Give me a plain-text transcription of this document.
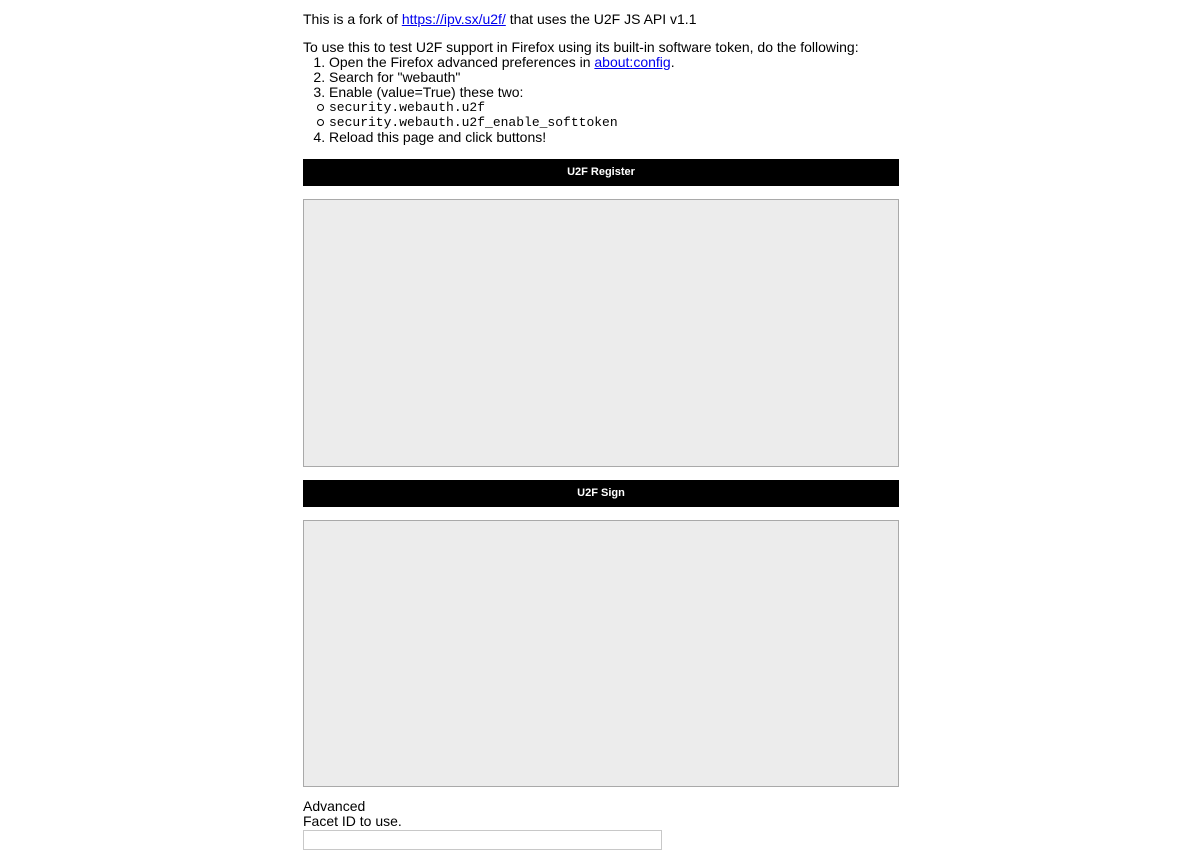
This is a fork of https://ipv.sx/u2f/ that uses the U2F JS API v1.1

To use this to test U2F support in Firefox using its built-in software token, do the following:

1. Open the Firefox advanced preferences in about:config.
2. Search for "webauth"
3. Enable (value=True) these two:
security.webauth.u2f
security.webauth.u2f_enable_softtoken
4. Reload this page and click buttons!
U2F Register
U2F Sign
Advanced
Facet ID to use.
